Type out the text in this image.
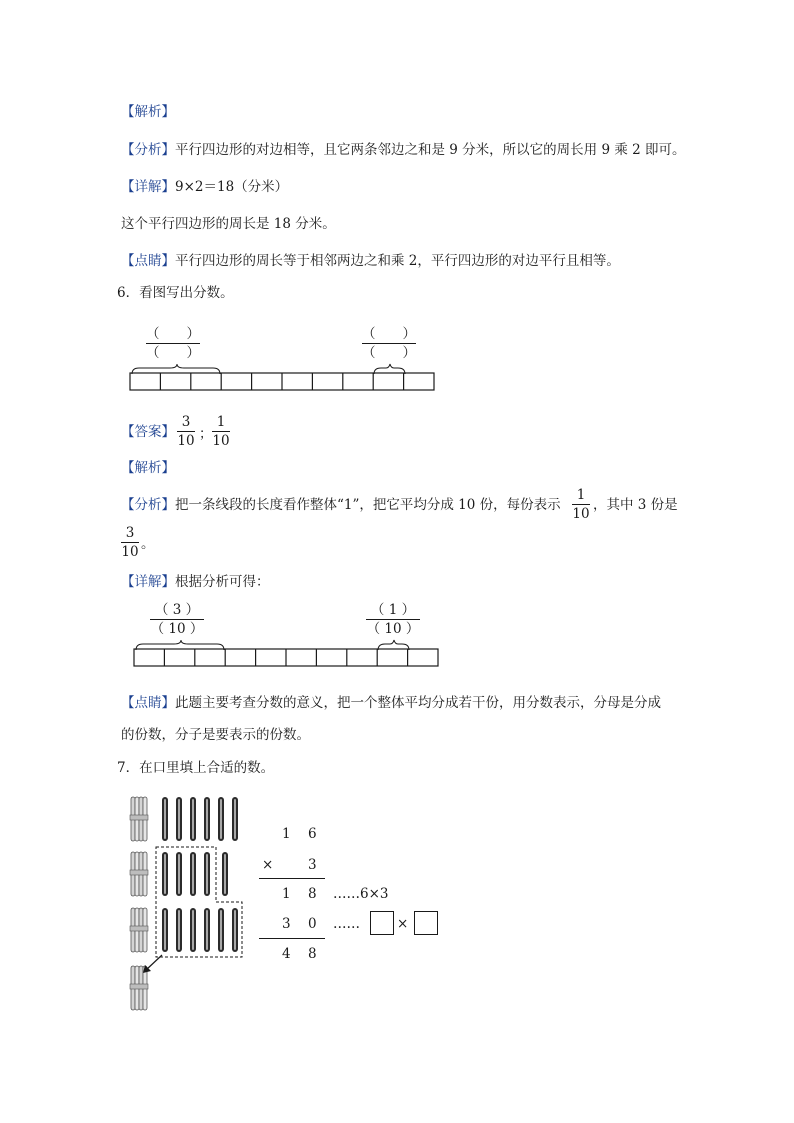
【解析】
【分析】平行四边形的对边相等，且它两条邻边之和是 9 分米，所以它的周长用 9 乘 2 即可。
【详解】9×2＝18（分米）
这个平行四边形的周长是 18 分米。
【点睛】平行四边形的周长等于相邻两边之和乘 2，平行四边形的对边平行且相等。
6．看图写出分数。
（　　）
（　　）
（　　）
（　　）
【答案】
3
10 ；
1
10
【解析】
【分析】把一条线段的长度看作整体“1”，把它平均分成 10 份，每份表示
1
10
，其中 3 份是
3
10 。
【详解】根据分析可得：
（ 3 ）
（ 10 ）
（ 1 ）
（ 10 ）
【点睛】此题主要考查分数的意义，把一个整体平均分成若干份，用分数表示，分母是分成
的份数，分子是要表示的份数。
7．在口里填上合适的数。
1 6
×	3
1 8 ……6×3
3 0 ……	×
4 8
